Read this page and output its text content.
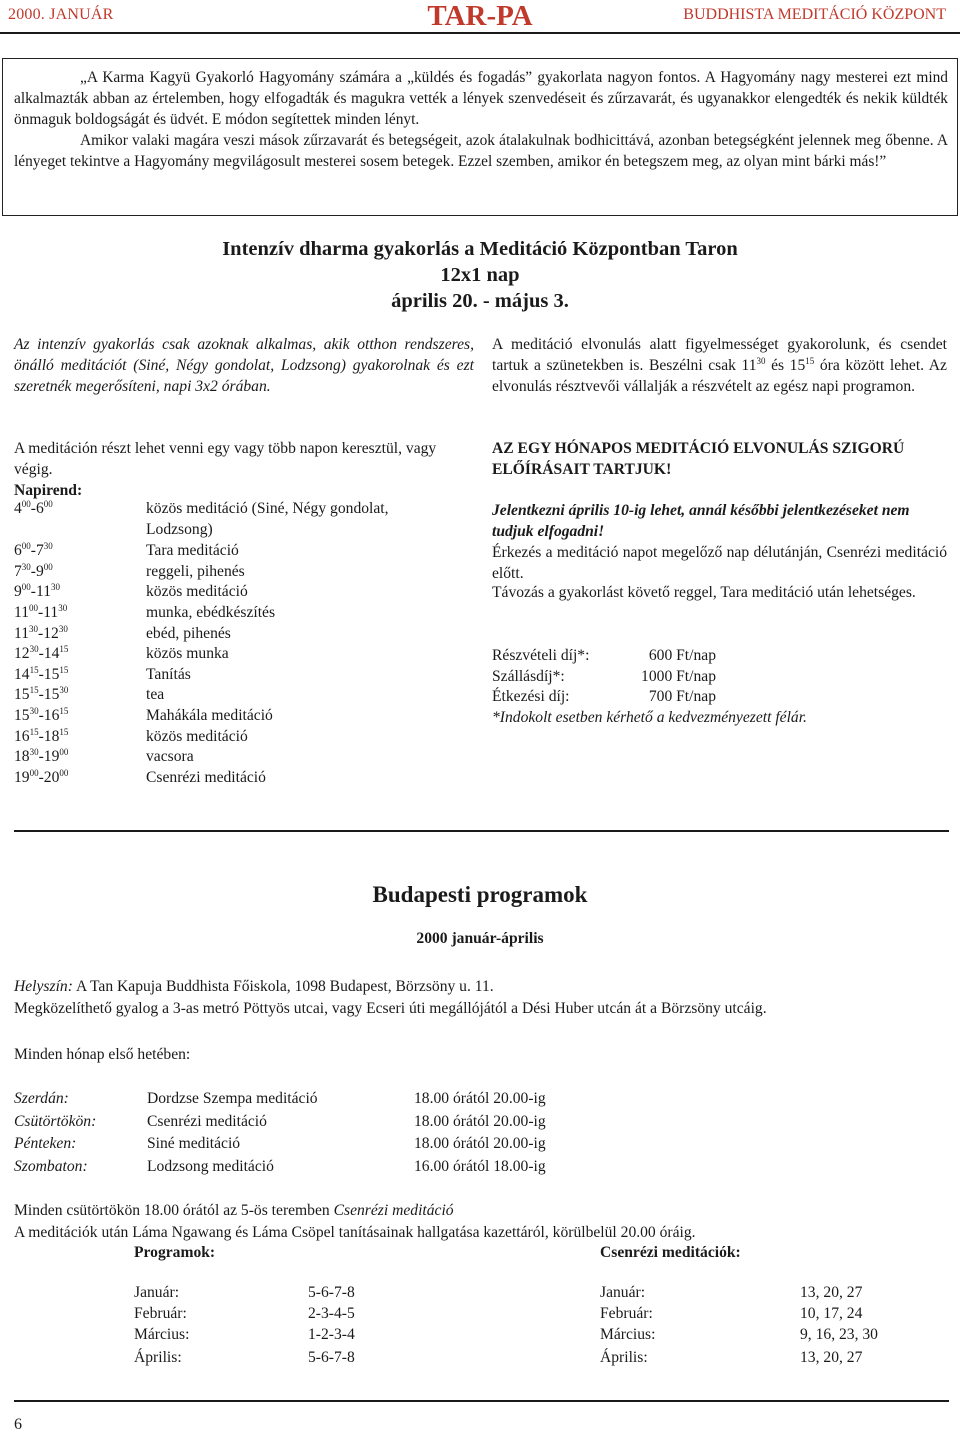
2000. JANUÁR	TAR-PA	BUDDHISTA MEDITÁCIÓ KÖZPONT

„A Karma Kagyü Gyakorló Hagyomány számára a „küldés és fogadás” gyakorlata nagyon fontos. A Hagyomány nagy mesterei ezt mind alkalmazták abban az értelemben, hogy elfogadták és magukra vették a lények szenvedéseit és zűrzavarát, és ugyanakkor elengedték és nekik küldték önmaguk boldogságát és üdvét. E módon segítettek minden lényt.

Amikor valaki magára veszi mások zűrzavarát és betegségeit, azok átalakulnak bodhicittává, azonban betegségként jelennek meg őbenne. A lényeget tekintve a Hagyomány megvilágosult mesterei sosem betegek. Ezzel szemben, amikor én betegszem meg, az olyan mint bárki más!”

Intenzív dharma gyakorlás a Meditáció Központban Taron
12x1 nap
április 20. - május 3.
Az intenzív gyakorlás csak azoknak alkalmas, akik otthon rendszeres, önálló meditációt (Siné, Négy gondolat, Lodzsong) gyakorolnak és ezt szeretnék megerősíteni, napi 3x2 órában.
A meditáción részt lehet venni egy vagy több napon keresztül, vagy végig.
Napirend:
$4^{00}-6^{00}$	közös meditáció (Siné, Négy gondolat, Lodzsong)
$6^{00}-7^{30}$	Tara meditáció
$7^{30}-9^{00}$	reggeli, pihenés
$9^{00}-11^{30}$	közös meditáció
$11^{00}-11^{30}$	munka, ebédkészítés
$11^{30}-12^{30}$	ebéd, pihenés
$12^{30}-14^{15}$	közös munka
$14^{15}-15^{15}$	Tanítás
$15^{15}-15^{30}$	tea
$15^{30}-16^{15}$	Mahákála meditáció
$16^{15}-18^{15}$	közös meditáció
$18^{30}-19^{00}$	vacsora
$19^{00}-20^{00}$	Csenrézi meditáció
A meditáció elvonulás alatt figyelmességet gyakorolunk, és csendet tartuk a szünetekben is. Beszélni csak $11^{30}$ és $15^{15}$ óra között lehet. Az elvonulás résztvevői vállalják a részvételt az egész napi programon.
AZ EGY HÓNAPOS MEDITÁCIÓ ELVONULÁS SZIGORÚ ELŐÍRÁSAIT TARTJUK!
Jelentkezni április 10-ig lehet, annál későbbi jelentkezéseket nem tudjuk elfogadni!
Érkezés a meditáció napot megelőző nap délutánján, Csenrézi meditáció előtt.
Távozás a gyakorlást követő reggel, Tara meditáció után lehetséges.
Részvételi díj*:	600 Ft/nap
Szállásdíj*:	1000 Ft/nap
Étkezési díj:	700 Ft/nap
*Indokolt esetben kérhető a kedvezményezett félár.
Budapesti programok
2000 január-április
Helyszín: A Tan Kapuja Buddhista Főiskola, 1098 Budapest, Börzsöny u. 11.
Megközelíthető gyalog a 3-as metró Pöttyös utcai, vagy Ecseri úti megállójától a Dési Huber utcán át a Börzsöny utcáig.
Minden hónap első hetében:
Szerdán:	Dordzse Szempa meditáció	18.00 órától 20.00-ig
Csütörtökön:	Csenrézi meditáció	18.00 órától 20.00-ig
Pénteken:	Siné meditáció	18.00 órától 20.00-ig
Szombaton:	Lodzsong meditáció	16.00 órától 18.00-ig
Minden csütörtökön 18.00 órától az 5-ös teremben Csenrézi meditáció
A meditációk után Láma Ngawang és Láma Csöpel tanításainak hallgatása kazettáról, körülbelül 20.00 óráig.
Programok:	Csenrézi meditációk:
Január:	5-6-7-8
Február:	2-3-4-5
Március:	1-2-3-4
Április:	5-6-7-8
Január:	13, 20, 27
Február:	10, 17, 24
Március:	9, 16, 23, 30
Április:	13, 20, 27
6
